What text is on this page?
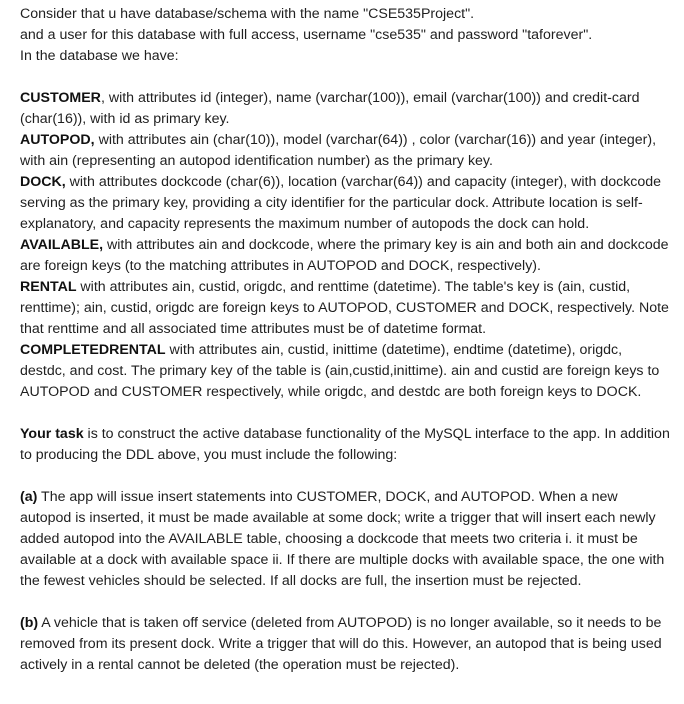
Consider that u have database/schema with the name "CSE535Project".

and a user for this database with full access, username "cse535" and password "taforever".

In the database we have:

CUSTOMER, with attributes id (integer), name (varchar(100)), email (varchar(100)) and credit-card (char(16)), with id as primary key.

AUTOPOD, with attributes ain (char(10)), model (varchar(64)) , color (varchar(16)) and year (integer), with ain (representing an autopod identification number) as the primary key.

DOCK, with attributes dockcode (char(6)), location (varchar(64)) and capacity (integer), with dockcode serving as the primary key, providing a city identifier for the particular dock. Attribute location is self-explanatory, and capacity represents the maximum number of autopods the dock can hold.

AVAILABLE, with attributes ain and dockcode, where the primary key is ain and both ain and dockcode are foreign keys (to the matching attributes in AUTOPOD and DOCK, respectively).

RENTAL with attributes ain, custid, origdc, and renttime (datetime). The table's key is (ain, custid, renttime); ain, custid, origdc are foreign keys to AUTOPOD, CUSTOMER and DOCK, respectively. Note that renttime and all associated time attributes must be of datetime format.

COMPLETEDRENTAL with attributes ain, custid, inittime (datetime), endtime (datetime), origdc, destdc, and cost. The primary key of the table is (ain,custid,inittime). ain and custid are foreign keys to AUTOPOD and CUSTOMER respectively, while origdc, and destdc are both foreign keys to DOCK.

Your task is to construct the active database functionality of the MySQL interface to the app. In addition to producing the DDL above, you must include the following:

(a) The app will issue insert statements into CUSTOMER, DOCK, and AUTOPOD. When a new autopod is inserted, it must be made available at some dock; write a trigger that will insert each newly added autopod into the AVAILABLE table, choosing a dockcode that meets two criteria i. it must be available at a dock with available space ii. If there are multiple docks with available space, the one with the fewest vehicles should be selected. If all docks are full, the insertion must be rejected.

(b) A vehicle that is taken off service (deleted from AUTOPOD) is no longer available, so it needs to be removed from its present dock. Write a trigger that will do this. However, an autopod that is being used actively in a rental cannot be deleted (the operation must be rejected).
